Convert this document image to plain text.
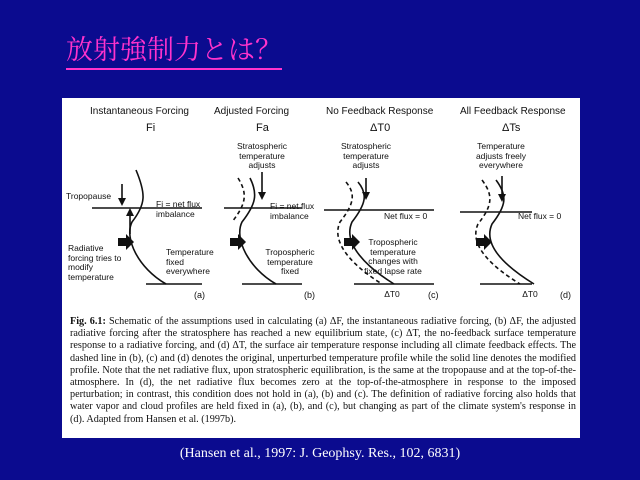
放射強制力とは？
Instantaneous Forcing	Adjusted Forcing	No Feedback Response	All Feedback Response
Fi	Fa	ΔT0	ΔTs
Tropopause
Fi = net flux imbalance
Radiative forcing tries to modify temperature
Temperature fixed everywhere
(a)
Stratospheric temperature adjusts
Fi = net flux imbalance
Tropospheric temperature fixed
(b)
Stratospheric temperature adjusts
Net flux = 0
Tropospheric temperature changes with fixed lapse rate
ΔT0	(c)
Temperature adjusts freely everywhere
Net flux = 0
ΔT0	(d)
Fig. 6.1: Schematic of the assumptions used in calculating (a) ΔF, the instantaneous radiative forcing, (b) ΔF, the adjusted radiative forcing after the stratosphere has reached a new equilibrium state, (c) ΔT, the no-feedback surface temperature response to a radiative forcing, and (d) ΔT, the surface air temperature response including all climate feedback effects. The dashed line in (b), (c) and (d) denotes the original, unperturbed temperature profile while the solid line denotes the modified profile. Note that the net radiative flux, upon stratospheric equilibration, is the same at the tropopause and at the top-of-the-atmosphere. In (d), the net radiative flux becomes zero at the top-of-the-atmosphere in response to the imposed perturbation; in contrast, this condition does not hold in (a), (b) and (c). The definition of radiative forcing also holds that water vapor and cloud profiles are held fixed in (a), (b), and (c), but changing as part of the climate system's response in (d). Adapted from Hansen et al. (1997b).
(Hansen et al., 1997: J. Geophsy. Res., 102, 6831)
